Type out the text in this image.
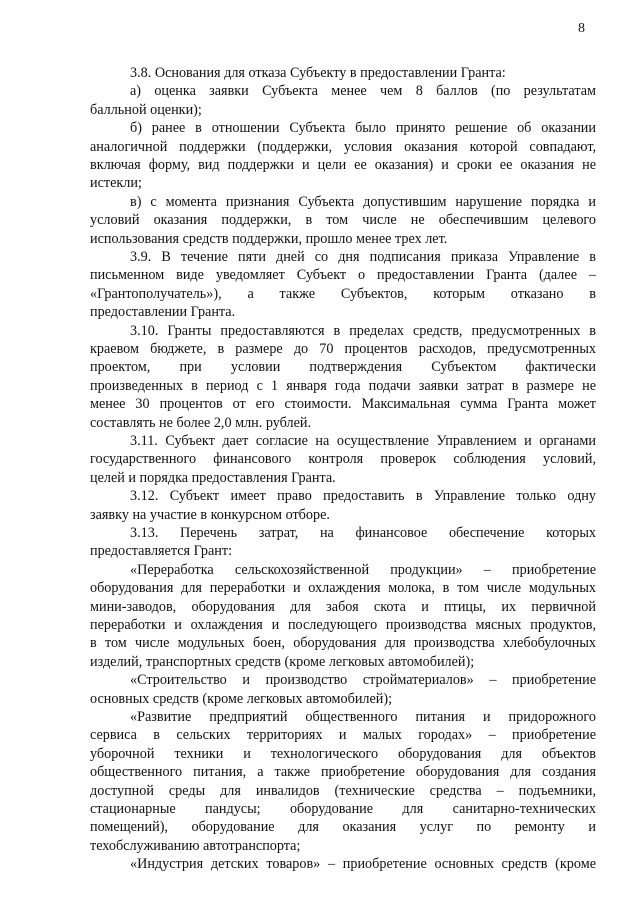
8
3.8. Основания для отказа Субъекту в предоставлении Гранта:
а) оценка заявки Субъекта менее чем 8 баллов (по результатам
балльной оценки);
б) ранее в отношении Субъекта было принято решение об оказании
аналогичной поддержки (поддержки, условия оказания которой совпадают,
включая форму, вид поддержки и цели ее оказания) и сроки ее оказания не
истекли;
в) с момента признания Субъекта допустившим нарушение порядка и
условий оказания поддержки, в том числе не обеспечившим целевого
использования средств поддержки, прошло менее трех лет.
3.9. В течение пяти дней со дня подписания приказа Управление в
письменном виде уведомляет Субъект о предоставлении Гранта (далее –
«Грантополучатель»), а также Субъектов, которым отказано в
предоставлении Гранта.
3.10. Гранты предоставляются в пределах средств, предусмотренных в
краевом бюджете, в размере до 70 процентов расходов, предусмотренных
проектом, при условии подтверждения Субъектом фактически
произведенных в период с 1 января года подачи заявки затрат в размере не
менее 30 процентов от его стоимости. Максимальная сумма Гранта может
составлять не более 2,0 млн. рублей.
3.11. Субъект дает согласие на осуществление Управлением и органами
государственного финансового контроля проверок соблюдения условий,
целей и порядка предоставления Гранта.
3.12. Субъект имеет право предоставить в Управление только одну
заявку на участие в конкурсном отборе.
3.13. Перечень затрат, на финансовое обеспечение которых
предоставляется Грант:
«Переработка сельскохозяйственной продукции» – приобретение
оборудования для переработки и охлаждения молока, в том числе модульных
мини-заводов, оборудования для забоя скота и птицы, их первичной
переработки и охлаждения и последующего производства мясных продуктов,
в том числе модульных боен, оборудования для производства хлебобулочных
изделий, транспортных средств (кроме легковых автомобилей);
«Строительство и производство стройматериалов» – приобретение
основных средств (кроме легковых автомобилей);
«Развитие предприятий общественного питания и придорожного
сервиса в сельских территориях и малых городах» – приобретение
уборочной техники и технологического оборудования для объектов
общественного питания, а также приобретение оборудования для создания
доступной среды для инвалидов (технические средства – подъемники,
стационарные пандусы; оборудование для санитарно-технических
помещений), оборудование для оказания услуг по ремонту и
техобслуживанию автотранспорта;
«Индустрия детских товаров» – приобретение основных средств (кроме
